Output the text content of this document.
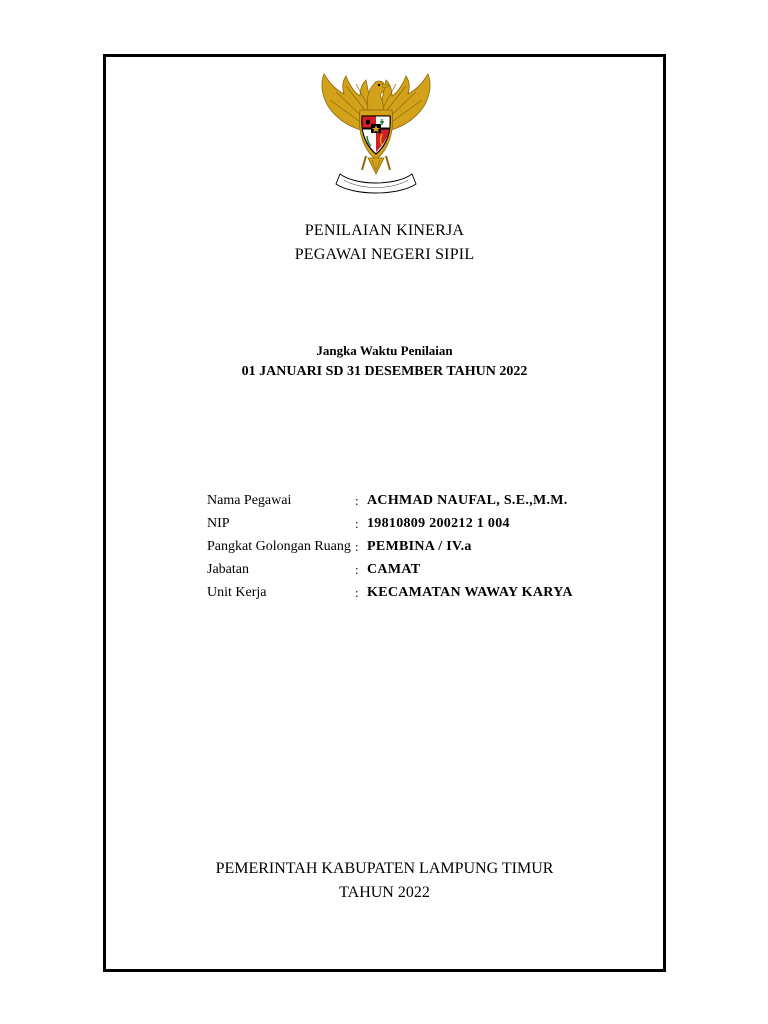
PENILAIAN KINERJA
PEGAWAI NEGERI SIPIL
Jangka Waktu Penilaian
01 JANUARI SD 31 DESEMBER TAHUN 2022
Nama Pegawai	: ACHMAD NAUFAL, S.E.,M.M.
NIP	: 19810809 200212 1 004
Pangkat Golongan Ruang : PEMBINA / IV.a
Jabatan	: CAMAT
Unit Kerja	: KECAMATAN WAWAY KARYA
PEMERINTAH KABUPATEN LAMPUNG TIMUR
TAHUN 2022
